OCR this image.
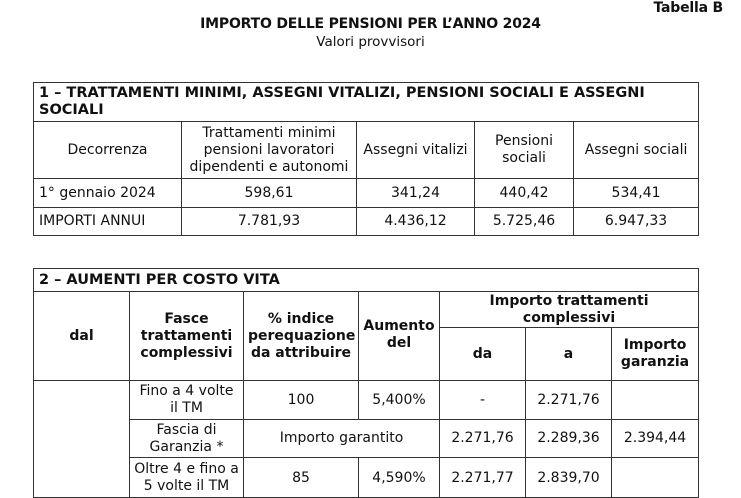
Tabella B
IMPORTO DELLE PENSIONI PER L’ANNO 2024
Valori provvisori
1 – TRATTAMENTI MINIMI, ASSEGNI VITALIZI, PENSIONI SOCIALI E ASSEGNI SOCIALI				
Decorrenza	Trattamenti minimi pensioni lavoratori dipendenti e autonomi	Assegni vitalizi	Pensioni sociali	Assegni sociali
1° gennaio 2024	598,61	341,24	440,42	534,41
IMPORTI ANNUI	7.781,93	4.436,12	5.725,46	6.947,33
2 – AUMENTI PER COSTO VITA						
dal	Fasce trattamenti complessivi	% indice perequazione da attribuire	Aumento del	Importo trattamenti complessivi		
				da	a	Importo garanzia
	Fino a 4 volte il TM	100	5,400%	-	2.271,76	
	Fascia di Garanzia *	Importo garantito		2.271,76	2.289,36	2.394,44
	Oltre 4 e fino a 5 volte il TM	85	4,590%	2.271,77	2.839,70	
